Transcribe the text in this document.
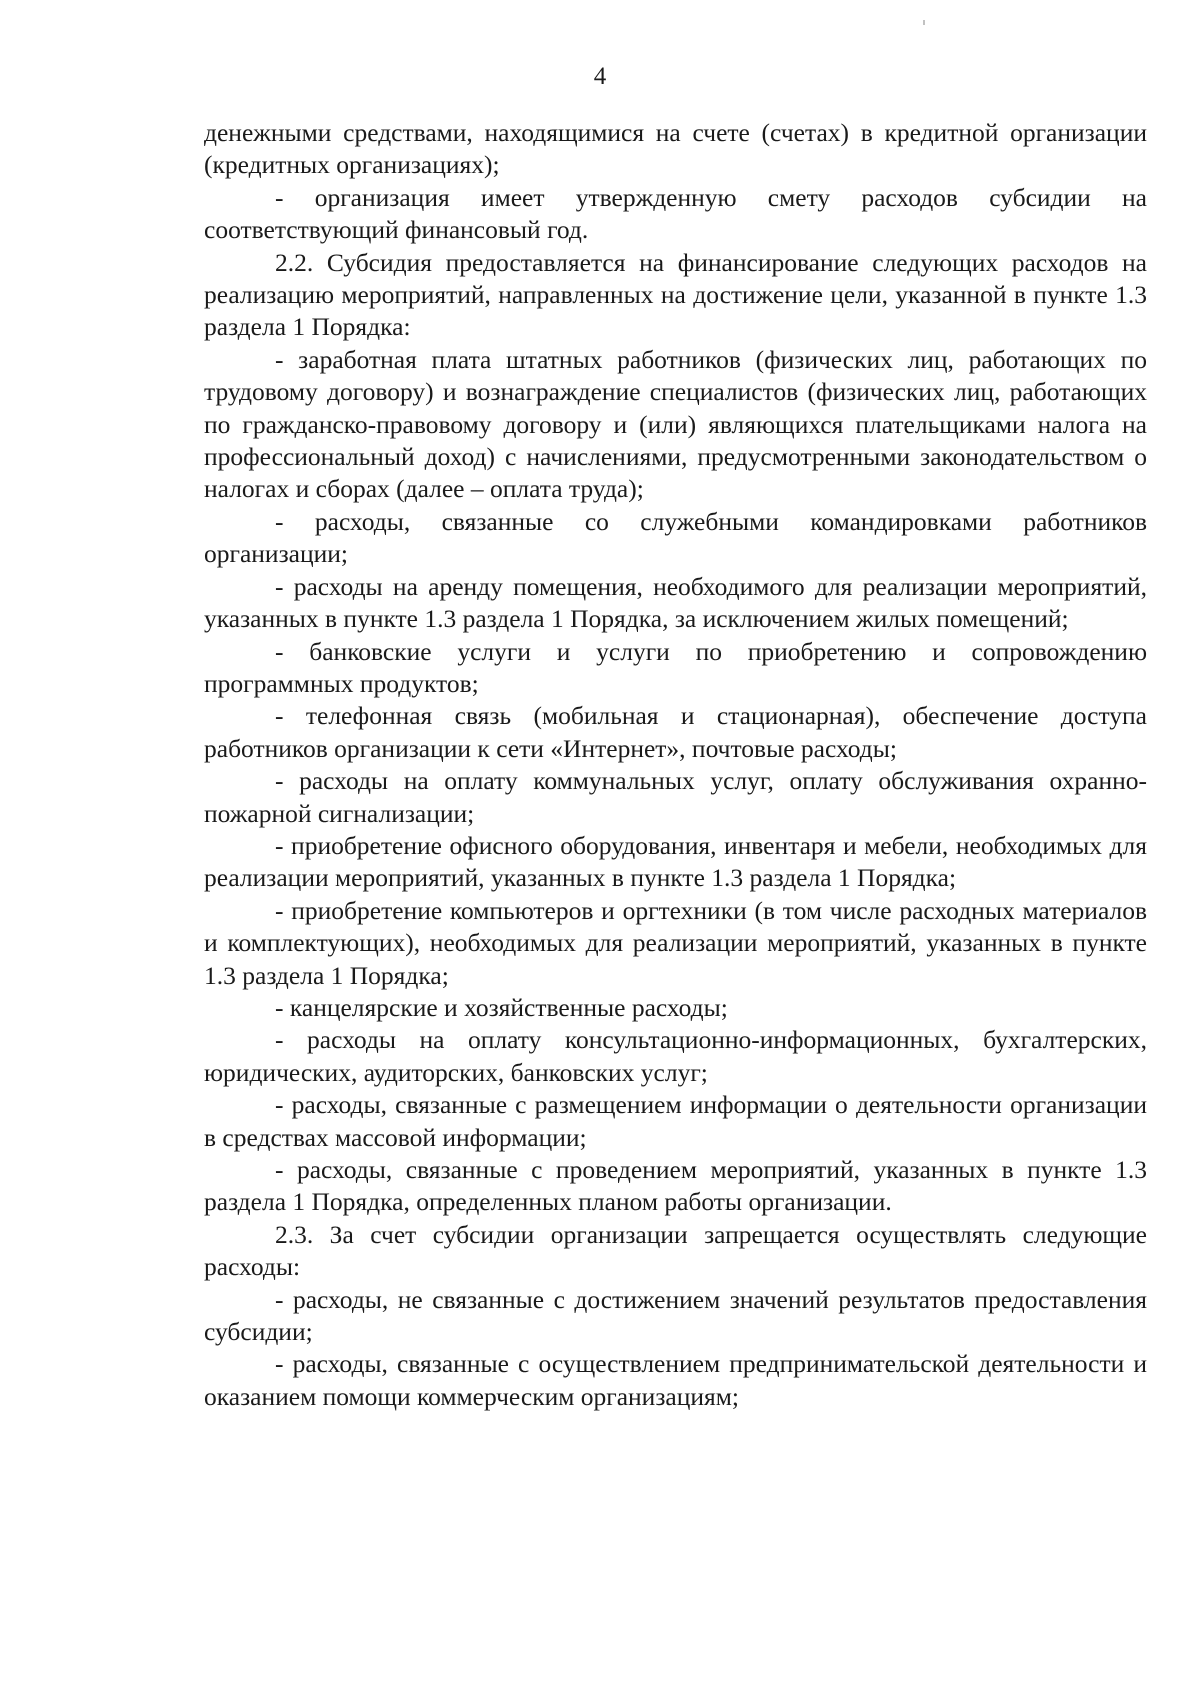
4

денежными средствами, находящимися на счете (счетах) в кредитной организации (кредитных организациях);

- организация имеет утвержденную смету расходов субсидии на соответствующий финансовый год.

2.2. Субсидия предоставляется на финансирование следующих расходов на реализацию мероприятий, направленных на достижение цели, указанной в пункте 1.3 раздела 1 Порядка:

- заработная плата штатных работников (физических лиц, работающих по трудовому договору) и вознаграждение специалистов (физических лиц, работающих по гражданско-правовому договору и (или) являющихся плательщиками налога на профессиональный доход) с начислениями, предусмотренными законодательством о налогах и сборах (далее – оплата труда);

- расходы, связанные со служебными командировками работников организации;

- расходы на аренду помещения, необходимого для реализации мероприятий, указанных в пункте 1.3 раздела 1 Порядка, за исключением жилых помещений;

- банковские услуги и услуги по приобретению и сопровождению программных продуктов;

- телефонная связь (мобильная и стационарная), обеспечение доступа работников организации к сети «Интернет», почтовые расходы;

- расходы на оплату коммунальных услуг, оплату обслуживания охранно-пожарной сигнализации;

- приобретение офисного оборудования, инвентаря и мебели, необходимых для реализации мероприятий, указанных в пункте 1.3 раздела 1 Порядка;

- приобретение компьютеров и оргтехники (в том числе расходных материалов и комплектующих), необходимых для реализации мероприятий, указанных в пункте 1.3 раздела 1 Порядка;

- канцелярские и хозяйственные расходы;

- расходы на оплату консультационно-информационных, бухгалтерских, юридических, аудиторских, банковских услуг;

- расходы, связанные с размещением информации о деятельности организации в средствах массовой информации;

- расходы, связанные с проведением мероприятий, указанных в пункте 1.3 раздела 1 Порядка, определенных планом работы организации.

2.3. За счет субсидии организации запрещается осуществлять следующие расходы:

- расходы, не связанные с достижением значений результатов предоставления субсидии;

- расходы, связанные с осуществлением предпринимательской деятельности и оказанием помощи коммерческим организациям;
